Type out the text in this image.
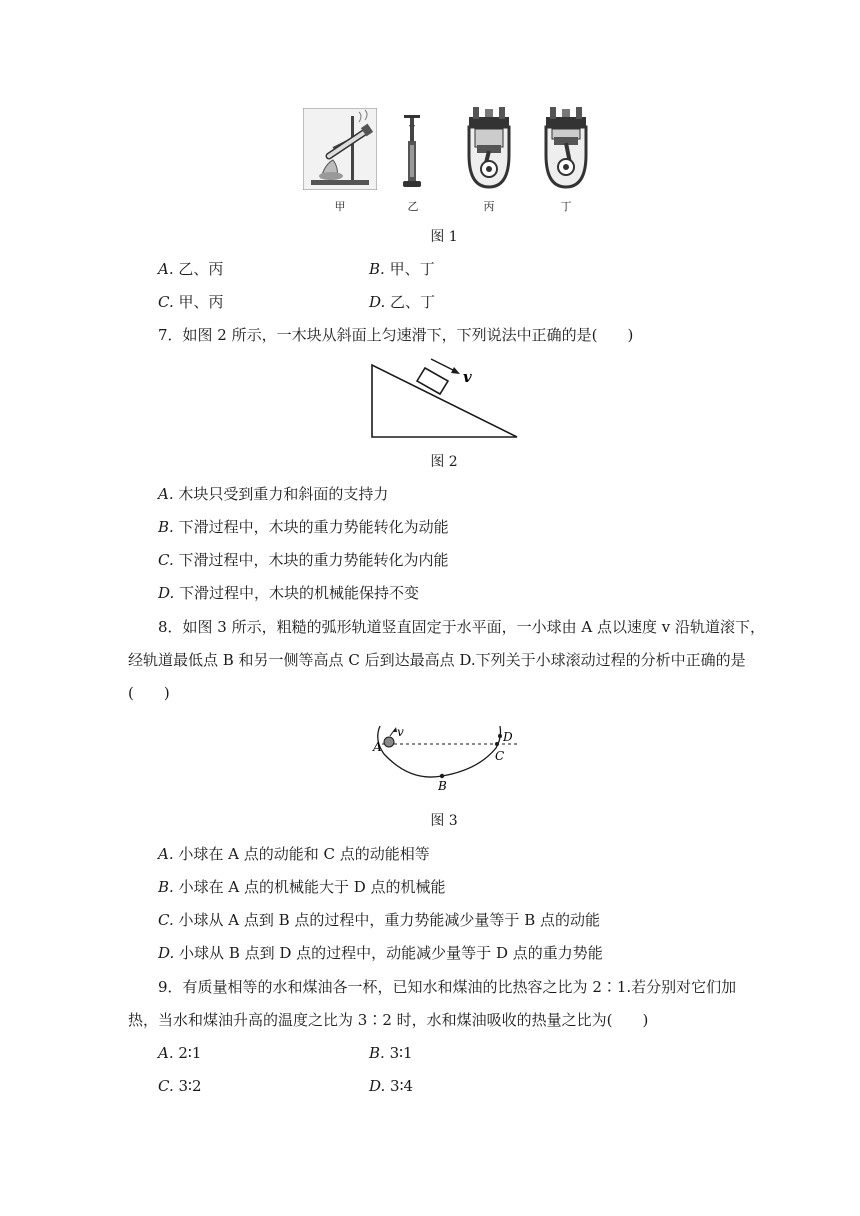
甲	乙	丙	丁
图 1
A. 乙、丙	B. 甲、丁
C. 甲、丙	D. 乙、丁
7．如图 2 所示，一木块从斜面上匀速滑下，下列说法中正确的是(　　)
v
图 2
A. 木块只受到重力和斜面的支持力
B. 下滑过程中，木块的重力势能转化为动能
C. 下滑过程中，木块的重力势能转化为内能
D. 下滑过程中，木块的机械能保持不变
8．如图 3 所示，粗糙的弧形轨道竖直固定于水平面，一小球由 A 点以速度 v 沿轨道滚下，
经轨道最低点 B 和另一侧等高点 C 后到达最高点 D.下列关于小球滚动过程的分析中正确的是
(　　)
A
v
B
C
D
图 3
A. 小球在 A 点的动能和 C 点的动能相等
B. 小球在 A 点的机械能大于 D 点的机械能
C. 小球从 A 点到 B 点的过程中，重力势能减少量等于 B 点的动能
D. 小球从 B 点到 D 点的过程中，动能减少量等于 D 点的重力势能
9．有质量相等的水和煤油各一杯，已知水和煤油的比热容之比为 2∶1.若分别对它们加
热，当水和煤油升高的温度之比为 3∶2 时，水和煤油吸收的热量之比为(　　)
A. 2∶1	B. 3∶1
C. 3∶2	D. 3∶4
